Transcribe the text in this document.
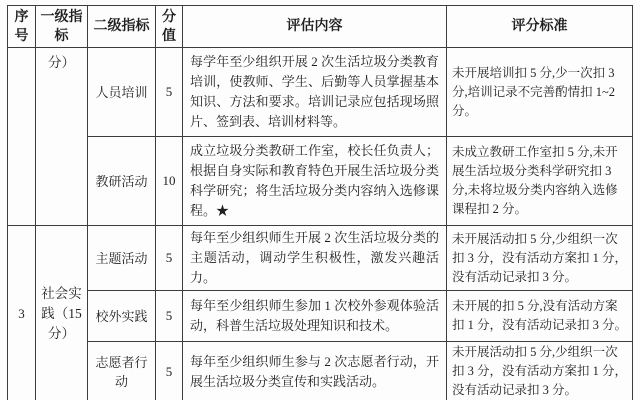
序号	一级指标	二级指标	分值	评估内容	评分标准
	分）	人员培训	5	每学年至少组织开展 2 次生活垃圾分类教育培训，使教师、学生、后勤等人员掌握基本知识、方法和要求。培训记录应包括现场照片、签到表、培训材料等。	未开展培训扣 5 分,少一次扣 3 分,培训记录不完善酌情扣 1~2 分。
		教研活动	10	成立垃圾分类教研工作室，校长任负责人；根据自身实际和教育特色开展生活垃圾分类科学研究；将生活垃圾分类内容纳入选修课程。★	未成立教研工作室扣 5 分,未开展生活垃圾分类科学研究扣 3 分,未将垃圾分类内容纳入选修课程扣 2 分。
3	社会实践（15 分）	主题活动	5	每年至少组织师生开展 2 次生活垃圾分类的主题活动，调动学生积极性，激发兴趣活力。	未开展活动扣 5 分,少组织一次扣 3 分，没有活动方案扣 1 分，没有活动记录扣 3 分。
		校外实践	5	每年至少组织师生参加 1 次校外参观体验活动，科普生活垃圾处理知识和技术。	未开展的扣 5 分,没有活动方案扣 1 分，没有活动记录扣 3 分。
		志愿者行动	5	每年至少组织师生参与 2 次志愿者行动，开展生活垃圾分类宣传和实践活动。	未开展活动扣 5 分,少组织一次扣 3 分，没有活动方案扣 1 分，没有活动记录扣 3 分。
